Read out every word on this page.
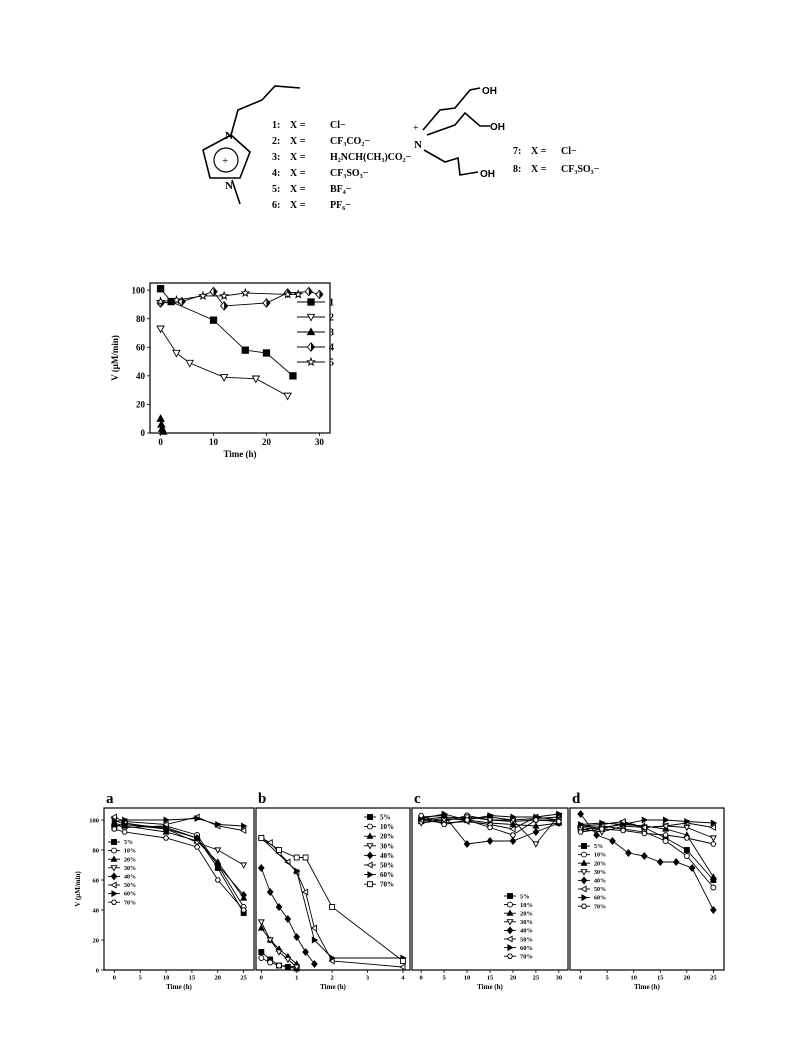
N
N
+
+
N
OH
OH
OH
1: X = Cl−
2: X = CF₃CO₂−
3: X = H₂NCH(CH₃)CO₂−
4: X = CF₃SO₃−
5: X = BF₄−
6: X = PF₆−
7: X = Cl−
8: X = CF₃SO₃−
0	10	20	30
0
20
40
60
80
100
Time (h)
V (μM/min)
1
2
3
4
5
0	5	10	15	20	25
0
20
40
60
80
100
Time (h)
V (μM/min)
a
5%
10%
20%
30%
40%
50%
60%
70%
0	1	2	3	4
Time (h)
b
5%
10%
20%
30%
40%
50%
60%
70%
0	5	10	15	20	25	30
Time (h)
c
5%
10%
20%
30%
40%
50%
60%
70%
0	5	10	15	20	25
Time (h)
d
5%
10%
20%
30%
40%
50%
60%
70%
